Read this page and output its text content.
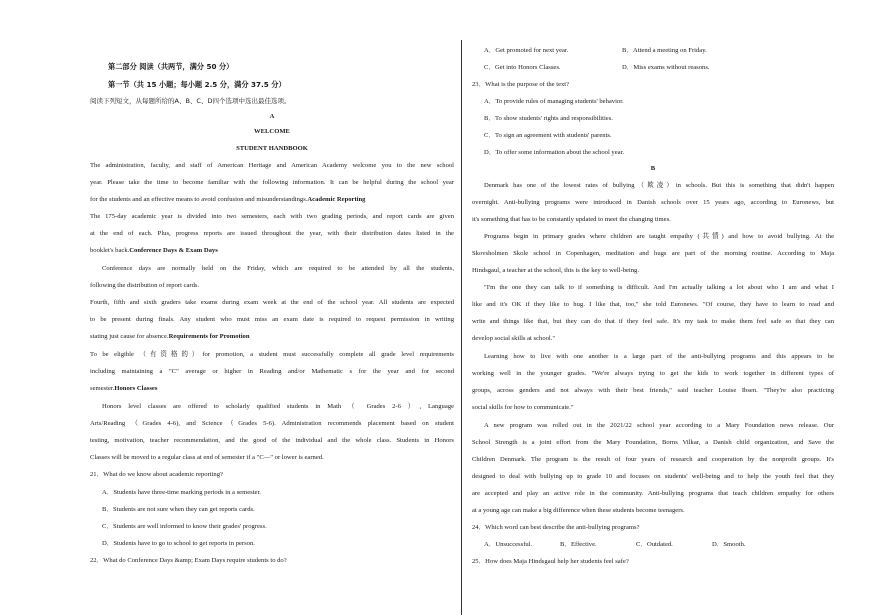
第二部分 阅读（共两节，满分 50 分）
第一节（共 15 小题；每小题 2.5 分，满分 37.5 分）
阅读下列短文，从每题所给的A、B、C、D四个选项中选出最佳选项。
A
WELCOME
STUDENT HANDBOOK
The administration, faculty, and staff of American Heritage and American Academy welcome you to the new school
year. Please take the time to become familiar with the following information. It can be helpful during the school year
for the students and an effective means to avoid confusion and misunderstandings.Academic Reporting
The 175-day academic year is divided into two semesters, each with two grading periods, and report cards are given
at the end of each. Plus, progress reports are issued throughout the year, with their distribution dates listed in the
booklet's back.Conference Days & Exam Days
Conference days are normally held on the Friday, which are required to be attended by all the students,
following the distribution of report cards.
Fourth, fifth and sixth graders take exams during exam week at the end of the school year. All students are expected
to be present during finals. Any student who must miss an exam date is required to request permission in writing
stating just cause for absence.Requirements for Promotion
To be eligible （有资格的）for promotion, a student must successfully complete all grade level requirements
including maintaining a "C" average or higher in Reading and/or Mathematic s for the year and for second
semester.Honors Classes
Honors level classes are offered to scholarly qualified students in Math （ Grades 2-6 ）, Language
Arts/Reading （Grades 4-6), and Science（Grades 5-6). Administration recommends placement based on student
testing, motivation, teacher recommendation, and the good of the individual and the whole class. Students in Honors
Classes will be moved to a regular class at end of semester if a "C—" or lower is earned.
21．What do we know about academic reporting?
A．Students have three-time marking periods in a semester.
B．Students are not sure when they can get reports cards.
C．Students are well informed to know their grades' progress.
D．Students have to go to school to get reports in person.
22．What do Conference Days &amp; Exam Days require students to do?
A．Get promoted for next year.	B．Attend a meeting on Friday.
C．Get into Honors Classes.	D．Miss exams without reasons.
23．What is the purpose of the text?
A．To provide rules of managing students' behavior.
B．To show students' rights and responsibilities.
C．To sign an agreement with students' parents.
D．To offer some information about the school year.
B
Denmark has one of the lowest rates of bullying（欺凌）in schools. But this is something that didn't happen
overnight. Anti-bullying programs were introduced in Danish schools over 15 years ago, according to Euronews, but
it's something that has to be constantly updated to meet the changing times.
Programs begin in primary grades where children are taught empathy (共情) and how to avoid bullying. At the
Skovsholmen Skole school in Copenhagen, meditation and hugs are part of the morning routine. According to Maja
Hindsgaul, a teacher at the school, this is the key to well-being.
"I'm the one they can talk to if something is difficult. And I'm actually talking a lot about who I am and what I
like and it's OK if they like to hug. I like that, too," she told Euronews. "Of course, they have to learn to read and
write and things like that, but they can do that if they feel safe. It's my task to make them feel safe so that they can
develop social skills at school."
Learning how to live with one another is a large part of the anti-bullying programs and this appears to be
working well in the younger grades. "We're always trying to get the kids to work together in different types of
groups, across genders and not always with their best friends," said teacher Louise Ibsen. "They're also practicing
social skills for how to communicate."
A new program was rolled out in the 2021/22 school year according to a Mary Foundation news release. Our
School Strength is a joint effort from the Mary Foundation, Borns Vilkar, a Danish child organization, and Save the
Children Denmark. The program is the result of four years of research and cooperation by the nonprofit groups. It's
designed to deal with bullying up to grade 10 and focuses on students' well-being and to help the youth feel that they
are accepted and play an active role in the community. Anti-bullying programs that teach children empathy for others
at a young age can make a big difference when these students become teenagers.
24．Which word can best describe the anti-bullying programs?
A．Unsuccessful.	B．Effective.	C．Outdated.	D．Smooth.
25．How does Maja Hindsgaul help her students feel safe?
